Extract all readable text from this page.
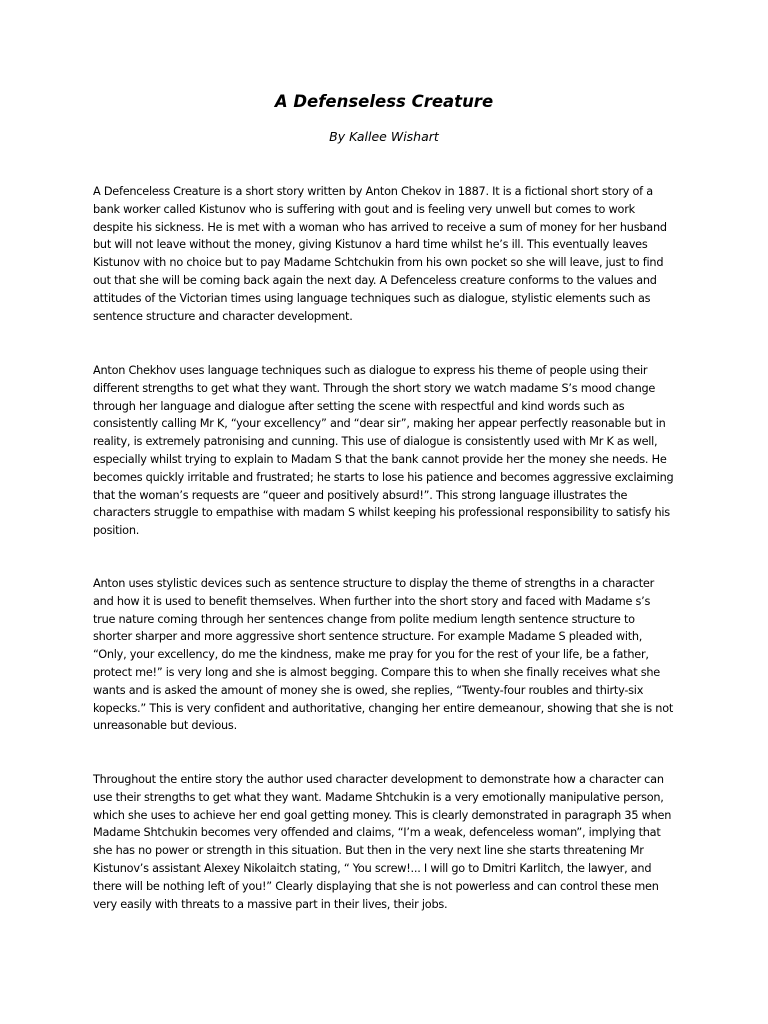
A Defenseless Creature

By Kallee Wishart

A Defenceless Creature is a short story written by Anton Chekov in 1887. It is a fictional short story of a bank worker called Kistunov who is suffering with gout and is feeling very unwell but comes to work despite his sickness. He is met with a woman who has arrived to receive a sum of money for her husband but will not leave without the money, giving Kistunov a hard time whilst he’s ill. This eventually leaves Kistunov with no choice but to pay Madame Schtchukin from his own pocket so she will leave, just to find out that she will be coming back again the next day. A Defenceless creature conforms to the values and attitudes of the Victorian times using language techniques such as dialogue, stylistic elements such as sentence structure and character development.

Anton Chekhov uses language techniques such as dialogue to express his theme of people using their different strengths to get what they want. Through the short story we watch madame S’s mood change through her language and dialogue after setting the scene with respectful and kind words such as consistently calling Mr K, “your excellency” and “dear sir”, making her appear perfectly reasonable but in reality, is extremely patronising and cunning. This use of dialogue is consistently used with Mr K as well, especially whilst trying to explain to Madam S that the bank cannot provide her the money she needs. He becomes quickly irritable and frustrated; he starts to lose his patience and becomes aggressive exclaiming that the woman’s requests are “queer and positively absurd!”. This strong language illustrates the characters struggle to empathise with madam S whilst keeping his professional responsibility to satisfy his position.

Anton uses stylistic devices such as sentence structure to display the theme of strengths in a character and how it is used to benefit themselves. When further into the short story and faced with Madame s’s true nature coming through her sentences change from polite medium length sentence structure to shorter sharper and more aggressive short sentence structure. For example Madame S pleaded with, “Only, your excellency, do me the kindness, make me pray for you for the rest of your life, be a father, protect me!” is very long and she is almost begging. Compare this to when she finally receives what she wants and is asked the amount of money she is owed, she replies, “Twenty-four roubles and thirty-six kopecks.” This is very confident and authoritative, changing her entire demeanour, showing that she is not unreasonable but devious.

Throughout the entire story the author used character development to demonstrate how a character can use their strengths to get what they want. Madame Shtchukin is a very emotionally manipulative person, which she uses to achieve her end goal getting money. This is clearly demonstrated in paragraph 35 when Madame Shtchukin becomes very offended and claims, “I’m a weak, defenceless woman”, implying that she has no power or strength in this situation. But then in the very next line she starts threatening Mr Kistunov’s assistant Alexey Nikolaitch stating, “ You screw!... I will go to Dmitri Karlitch, the lawyer, and there will be nothing left of you!” Clearly displaying that she is not powerless and can control these men very easily with threats to a massive part in their lives, their jobs.
